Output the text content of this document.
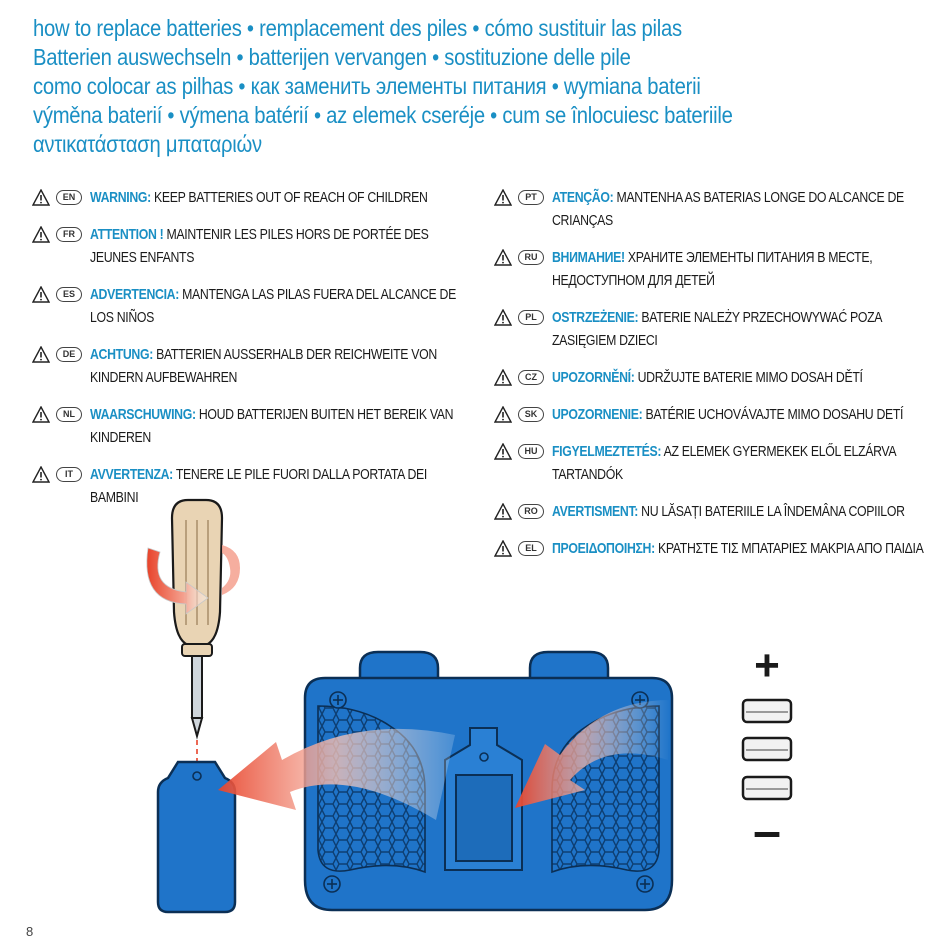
how to replace batteries • remplacement des piles • cómo sustituir las pilas
Batterien auswechseln • batterijen vervangen • sostituzione delle pile
como colocar as pilhas • как заменить элементы питания • wymiana baterii
výměna baterií • výmena batérií • az elemek cseréje • cum se înlocuiesc bateriile
αντικατάσταση μπαταριών
EN WARNING: KEEP BATTERIES OUT OF REACH OF CHILDREN
FR	ATTENTION ! MAINTENIR LES PILES HORS DE PORTÉE DES JEUNES ENFANTS
ES	ADVERTENCIA: MANTENGA LAS PILAS FUERA DEL ALCANCE DE LOS NIÑOS
DE ACHTUNG: BATTERIEN AUSSERHALB DER REICHWEITE VON KINDERN AUFBEWAHREN
NL	WAARSCHUWING: HOUD BATTERIJEN BUITEN HET BEREIK VAN KINDEREN
IT	AVVERTENZA: TENERE LE PILE FUORI DALLA PORTATA DEI BAMBINI
PT	ATENÇÃO: MANTENHA AS BATERIAS LONGE DO ALCANCE DE CRIANÇAS
RU ВНИМАНИЕ! ХРАНИТЕ ЭЛЕМЕНТЫ ПИТАНИЯ В МЕСТЕ, НЕДОСТУПНОМ ДЛЯ ДЕТЕЙ
PL	OSTRZEŻENIE: BATERIE NALEŻY PRZECHOWYWAĆ POZA ZASIĘGIEM DZIECI
CZ	UPOZORNĚNÍ: UDRŽUJTE BATERIE MIMO DOSAH DĚTÍ
SK UPOZORNENIE: BATÉRIE UCHOVÁVAJTE MIMO DOSAHU DETÍ
HU FIGYELMEZTETÉS: AZ ELEMEK GYERMEKEK ELŐL ELZÁRVA TARTANDÓK
RO AVERTISMENT: NU LĂSAȚI BATERIILE LA ÎNDEMÂNA COPIILOR
EL	ΠΡΟΕΙΔΟΠΟΙΗΣΗ: ΚΡΑΤΗΣΤΕ ΤΙΣ ΜΠΑΤΑΡΙΕΣ ΜΑΚΡΙΑ ΑΠΟ ΠΑΙΔΙΑ
+
–
8
